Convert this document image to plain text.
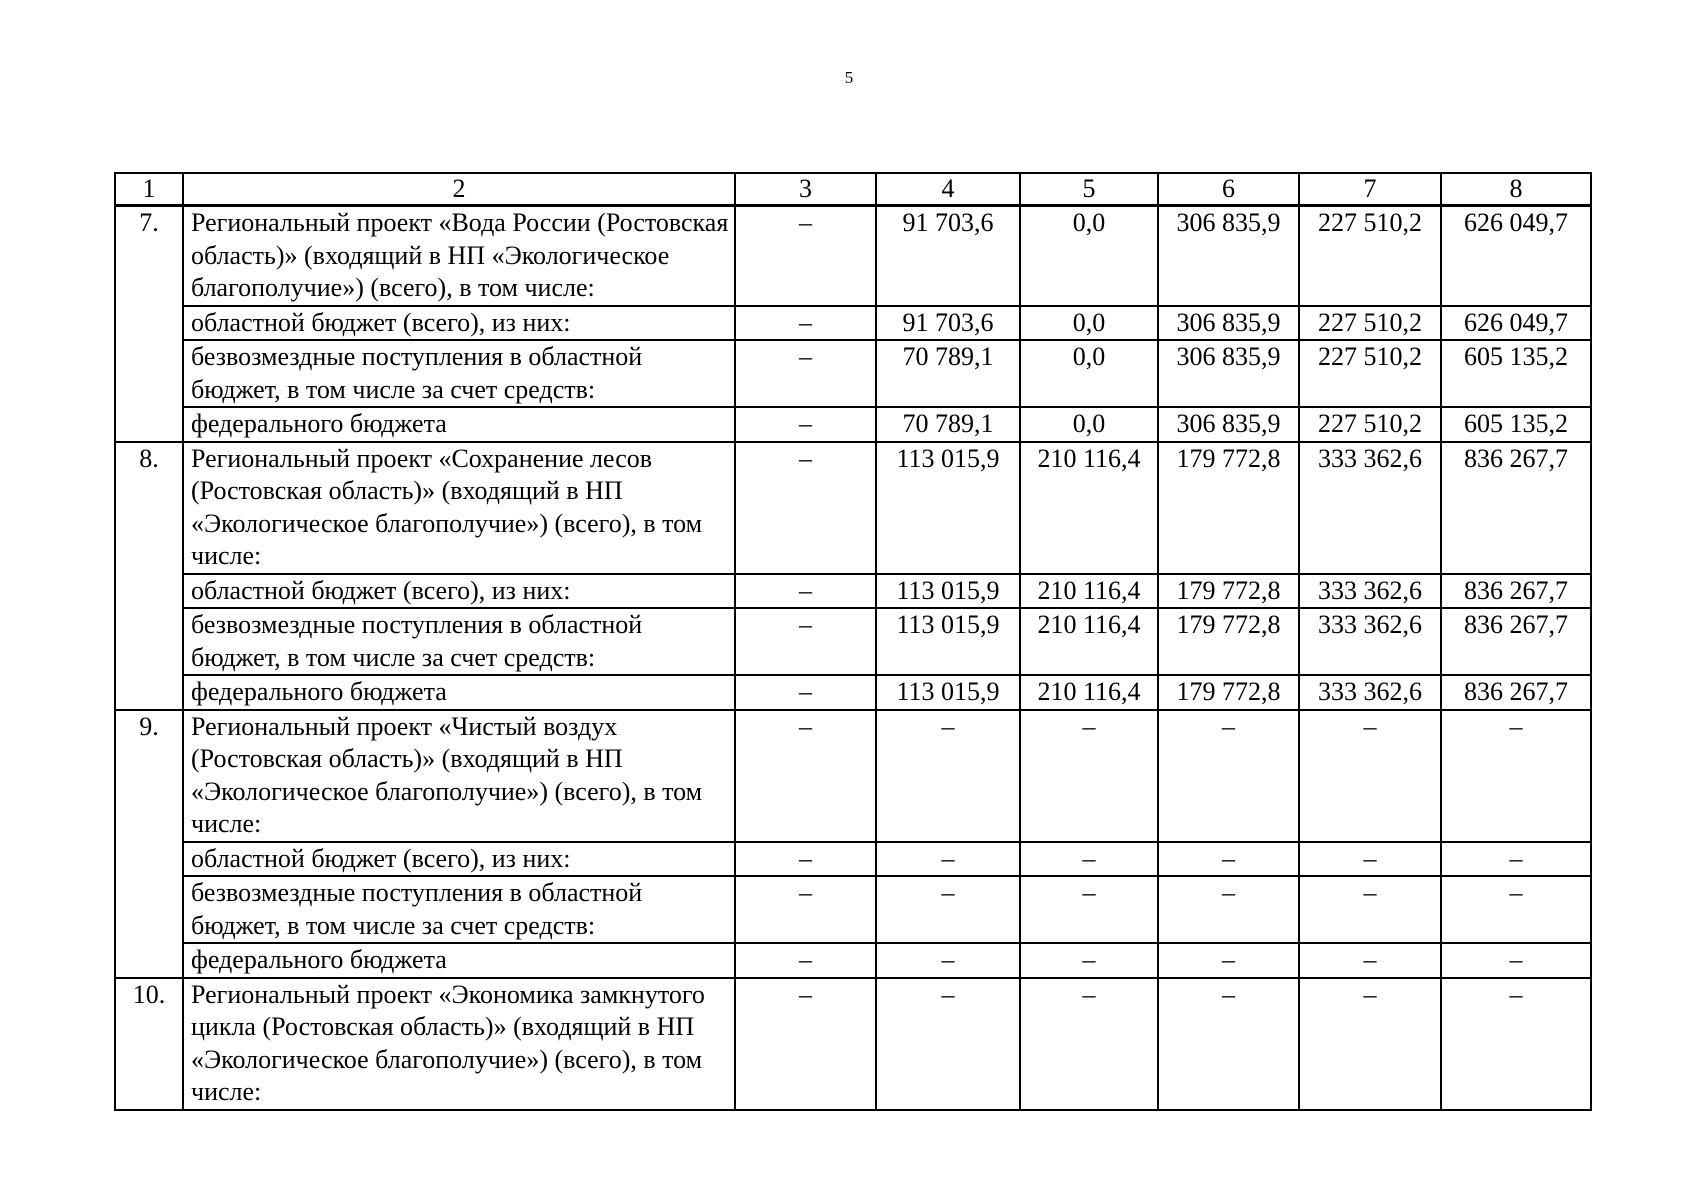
5
1	2	3	4	5	6	7	8
7.	Региональный проект «Вода России (Ростовская область)» (входящий в НП «Экологическое благополучие») (всего), в том числе:	–	91 703,6	0,0	306 835,9	227 510,2	626 049,7
	областной бюджет (всего), из них:	–	91 703,6	0,0	306 835,9	227 510,2	626 049,7
	безвозмездные поступления в областной бюджет, в том числе за счет средств:	–	70 789,1	0,0	306 835,9	227 510,2	605 135,2
	федерального бюджета	–	70 789,1	0,0	306 835,9	227 510,2	605 135,2
8.	Региональный проект «Сохранение лесов (Ростовская область)» (входящий в НП «Экологическое благополучие») (всего), в том числе:	–	113 015,9	210 116,4	179 772,8	333 362,6	836 267,7
	областной бюджет (всего), из них:	–	113 015,9	210 116,4	179 772,8	333 362,6	836 267,7
	безвозмездные поступления в областной бюджет, в том числе за счет средств:	–	113 015,9	210 116,4	179 772,8	333 362,6	836 267,7
	федерального бюджета	–	113 015,9	210 116,4	179 772,8	333 362,6	836 267,7
9.	Региональный проект «Чистый воздух (Ростовская область)» (входящий в НП «Экологическое благополучие») (всего), в том числе:	–	–	–	–	–	–
	областной бюджет (всего), из них:	–	–	–	–	–	–
	безвозмездные поступления в областной бюджет, в том числе за счет средств:	–	–	–	–	–	–
	федерального бюджета	–	–	–	–	–	–
10.	Региональный проект «Экономика замкнутого цикла (Ростовская область)» (входящий в НП «Экологическое благополучие») (всего), в том числе:	–	–	–	–	–	–
